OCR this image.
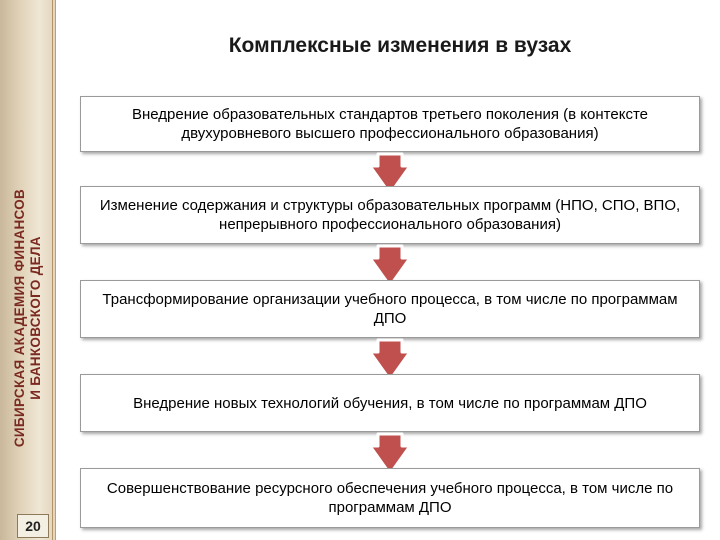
СИБИРСКАЯ АКАДЕМИЯ ФИНАНСОВ И БАНКОВСКОГО ДЕЛА
20
Комплексные изменения в вузах
Внедрение образовательных стандартов третьего поколения (в контексте двухуровневого высшего профессионального образования)
Изменение содержания и структуры образовательных программ (НПО, СПО, ВПО, непрерывного профессионального образования)
Трансформирование организации учебного процесса, в том числе по программам ДПО
Внедрение новых технологий обучения, в том числе по программам ДПО
Совершенствование ресурсного обеспечения учебного процесса, в том числе по программам ДПО
